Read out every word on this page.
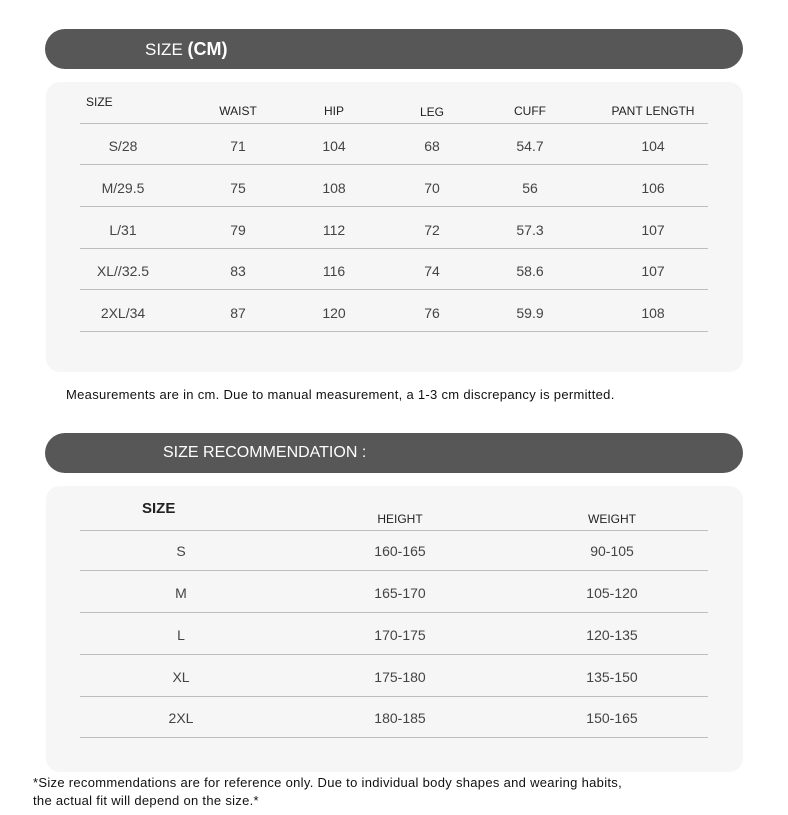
SIZE (CM)
SIZE
WAIST	HIP	LEG	CUFF	PANT LENGTH
S/28	71	104	68	54.7	104
M/29.5	75	108	70	56	106
L/31	79	112	72	57.3	107
XL//32.5	83	116	74	58.6	107
2XL/34	87	120	76	59.9	108
Measurements are in cm. Due to manual measurement, a 1-3 cm discrepancy is permitted.
SIZE RECOMMENDATION :
SIZE
HEIGHT	WEIGHT
S	160-165	90-105
M	165-170	105-120
L	170-175	120-135
XL	175-180	135-150
2XL	180-185	150-165
*Size recommendations are for reference only. Due to individual body shapes and wearing habits,
the actual fit will depend on the size.*
